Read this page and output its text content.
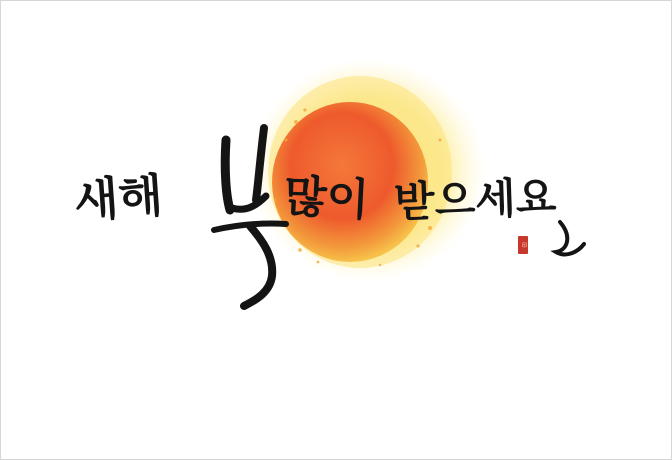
새해	많이 받으세요
印
